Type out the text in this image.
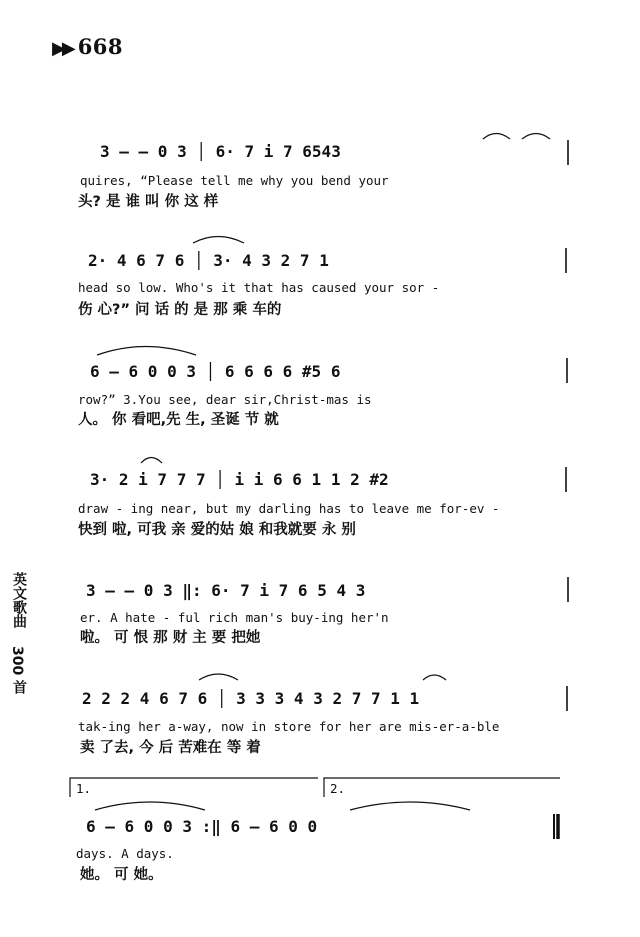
▶▶ 668
英文歌曲
300
首
3 – – 0 3 │ 6· 7 i 7 6543
quires, “Please tell me why you bend your
头? 是 谁 叫 你 这 样
2· 4 6 7 6 │ 3· 4 3 2 7 1
head so low. Who's it that has caused your sor -
伤 心?” 问 话 的 是 那 乘 车的
6 – 6 0 0 3 │ 6 6 6 6 #5 6
row?” 3.You see, dear sir,Christ-mas is
人。 你 看吧,先 生, 圣诞 节 就
3· 2 i 7 7 7 │ i i 6 6 1 1 2 #2
draw - ing near, but my darling has to leave me for-ev -
快到 啦, 可我 亲 爱的姑 娘 和我就要 永 别
3 – – 0 3 ‖: 6· 7 i 7 6 5 4 3
er. A hate - ful rich man's buy-ing her'n
啦。 可 恨 那 财 主 要 把她
2 2 2 4 6 7 6 │ 3 3 3 4 3 2 7 7 1 1
tak-ing her a-way, now in store for her are mis-er-a-ble
卖 了去, 今 后 苦难在 等 着
1.	2.
6 – 6 0 0 3 :‖ 6 – 6 0 0
days. A days.
她。 可 她。
